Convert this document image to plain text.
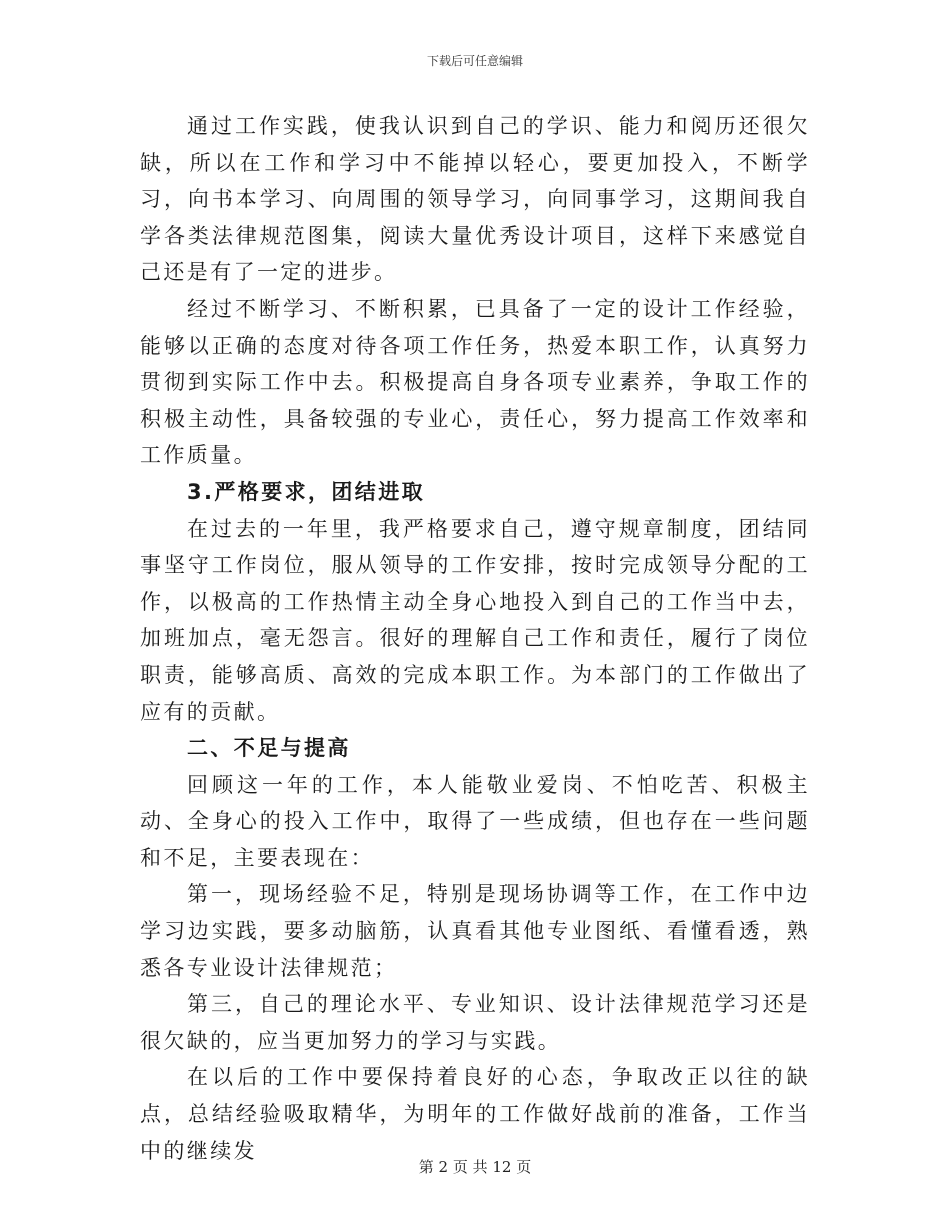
下载后可任意编辑

通过工作实践，使我认识到自己的学识、能力和阅历还很欠缺，所以在工作和学习中不能掉以轻心，要更加投入，不断学习，向书本学习、向周围的领导学习，向同事学习，这期间我自学各类法律规范图集，阅读大量优秀设计项目，这样下来感觉自己还是有了一定的进步。

经过不断学习、不断积累，已具备了一定的设计工作经验，能够以正确的态度对待各项工作任务，热爱本职工作，认真努力贯彻到实际工作中去。积极提高自身各项专业素养，争取工作的积极主动性，具备较强的专业心，责任心，努力提高工作效率和工作质量。

3.严格要求，团结进取

在过去的一年里，我严格要求自己，遵守规章制度，团结同事坚守工作岗位，服从领导的工作安排，按时完成领导分配的工作，以极高的工作热情主动全身心地投入到自己的工作当中去，加班加点，毫无怨言。很好的理解自己工作和责任，履行了岗位职责，能够高质、高效的完成本职工作。为本部门的工作做出了应有的贡献。

二、不足与提高

回顾这一年的工作，本人能敬业爱岗、不怕吃苦、积极主动、全身心的投入工作中，取得了一些成绩，但也存在一些问题和不足，主要表现在：

第一，现场经验不足，特别是现场协调等工作，在工作中边学习边实践，要多动脑筋，认真看其他专业图纸、看懂看透，熟悉各专业设计法律规范；

第三，自己的理论水平、专业知识、设计法律规范学习还是很欠缺的，应当更加努力的学习与实践。

在以后的工作中要保持着良好的心态，争取改正以往的缺点，总结经验吸取精华，为明年的工作做好战前的准备，工作当中的继续发

第 2 页 共 12 页
